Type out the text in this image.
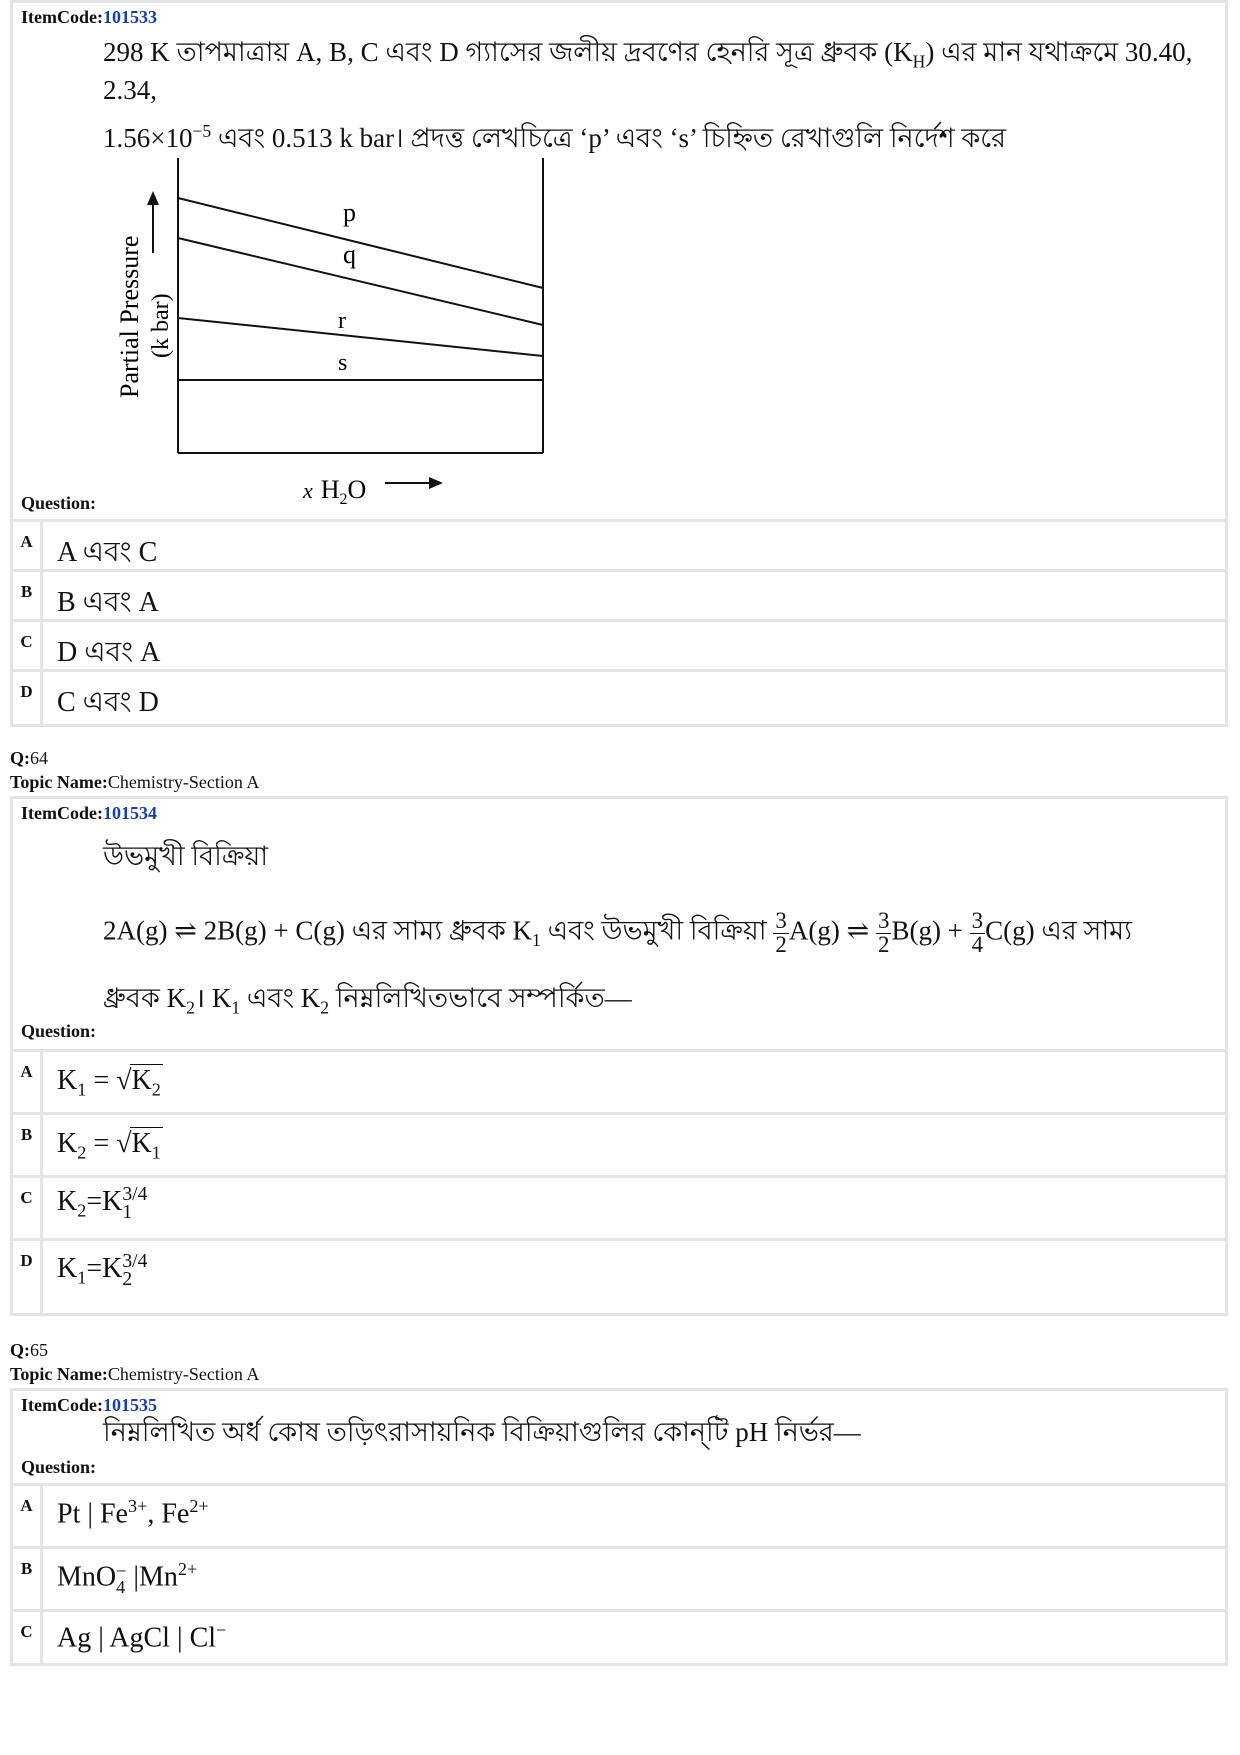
ItemCode:101533
298 K তাপমাত্রায় A, B, C এবং D গ্যাসের জলীয় দ্রবণের হেনরি সূত্র ধ্রুবক $(K_H)$ এর মান যথাক্রমে 30.40, 2.34,
$1.56\times 10^{-5}$ এবং 0.513 k bar। প্রদত্ত লেখচিত্রে ‘p’ এবং ‘s’ চিহ্নিত রেখাগুলি নির্দেশ করে
p
q
r
s
Partial Pressure (k bar)
x $H_2O$
Question:
A A এবং C
B B এবং A
C D এবং A
D C এবং D
Q:64
Topic Name:Chemistry-Section A
ItemCode:101534
উভমুখী বিক্রিয়া
2A(g) ⇌ 2B(g) + C(g) এর সাম্য ধ্রুবক $K_1$ এবং উভমুখী বিক্রিয়া $\frac{3}{2} A(g)$ ⇌ $\frac{3}{2} B(g) + \frac{3}{4} C(g)$ এর সাম্য
ধ্রুবক $K_2।$ $K_1$ এবং $K_2$ নিম্নলিখিতভাবে সম্পর্কিত—
Question:
A $K_1 = √K_2$
B $K_2 = √K_1$
C $K_2=K$ 3/4
1
D $K_1=K$ 3/4
2
Q:65
Topic Name:Chemistry-Section A
ItemCode:101535
নিম্নলিখিত অর্ধ কোষ তড়িৎরাসায়নিক বিক্রিয়াগুলির কোন্‌টি pH নির্ভর—
Question:
A Pt | $Fe^{3+}$, $Fe^{2+}$
B MnO −
4 $|Mn^{2+}$
C Ag | AgCl | Cl−
